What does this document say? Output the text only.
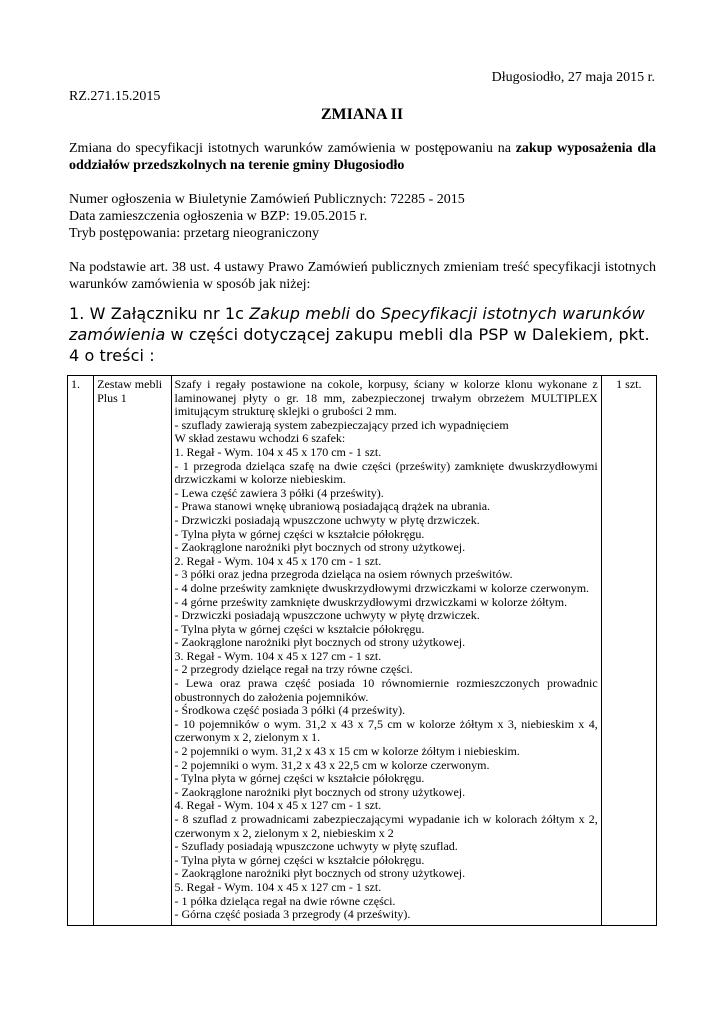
Długosiodło, 27 maja 2015 r.
RZ.271.15.2015
ZMIANA II
Zmiana do specyfikacji istotnych warunków zamówienia w postępowaniu na zakup wyposażenia dla oddziałów przedszkolnych na terenie gminy Długosiodło
Numer ogłoszenia w Biuletynie Zamówień Publicznych: 72285 - 2015
Data zamieszczenia ogłoszenia w BZP: 19.05.2015 r.
Tryb postępowania: przetarg nieograniczony
Na podstawie art. 38 ust. 4 ustawy Prawo Zamówień publicznych zmieniam treść specyfikacji istotnych warunków zamówienia w sposób jak niżej:
1. W Załączniku nr 1c Zakup mebli do Specyfikacji istotnych warunków zamówienia w części dotyczącej zakupu mebli dla PSP w Dalekiem, pkt. 4 o treści :
1.	Zestaw mebli Plus 1	
Szafy i regały postawione na cokole, korpusy, ściany w kolorze klonu wykonane z laminowanej płyty o gr. 18 mm, zabezpieczonej trwałym obrzeżem MULTIPLEX imitującym strukturę sklejki o grubości 2 mm.
- szuflady zawierają system zabezpieczający przed ich wypadnięciem
W skład zestawu wchodzi 6 szafek:
1. Regał - Wym. 104 x 45 x 170 cm - 1 szt.
- 1 przegroda dzieląca szafę na dwie części (prześwity) zamknięte dwuskrzydłowymi drzwiczkami w kolorze niebieskim.
- Lewa część zawiera 3 półki (4 prześwity).
- Prawa stanowi wnękę ubraniową posiadającą drążek na ubrania.
- Drzwiczki posiadają wpuszczone uchwyty w płytę drzwiczek.
- Tylna płyta w górnej części w kształcie półokręgu.
- Zaokrąglone narożniki płyt bocznych od strony użytkowej.
2. Regał - Wym. 104 x 45 x 170 cm - 1 szt.
- 3 półki oraz jedna przegroda dzieląca na osiem równych prześwitów.
- 4 dolne prześwity zamknięte dwuskrzydłowymi drzwiczkami w kolorze czerwonym.
- 4 górne prześwity zamknięte dwuskrzydłowymi drzwiczkami w kolorze żółtym.
- Drzwiczki posiadają wpuszczone uchwyty w płytę drzwiczek.
- Tylna płyta w górnej części w kształcie półokręgu.
- Zaokrąglone narożniki płyt bocznych od strony użytkowej.
3. Regał - Wym. 104 x 45 x 127 cm - 1 szt.
- 2 przegrody dzielące regał na trzy równe części.
- Lewa oraz prawa część posiada 10 równomiernie rozmieszczonych prowadnic obustronnych do założenia pojemników.
- Środkowa część posiada 3 półki (4 prześwity).
- 10 pojemników o wym. 31,2 x 43 x 7,5 cm w kolorze żółtym x 3, niebieskim x 4, czerwonym x 2, zielonym x 1.
- 2 pojemniki o wym. 31,2 x 43 x 15 cm w kolorze żółtym i niebieskim.
- 2 pojemniki o wym. 31,2 x 43 x 22,5 cm w kolorze czerwonym.
- Tylna płyta w górnej części w kształcie półokręgu.
- Zaokrąglone narożniki płyt bocznych od strony użytkowej.
4. Regał - Wym. 104 x 45 x 127 cm - 1 szt.
- 8 szuflad z prowadnicami zabezpieczającymi wypadanie ich w kolorach żółtym x 2, czerwonym x 2, zielonym x 2, niebieskim x 2
- Szuflady posiadają wpuszczone uchwyty w płytę szuflad.
- Tylna płyta w górnej części w kształcie półokręgu.
- Zaokrąglone narożniki płyt bocznych od strony użytkowej.
5. Regał - Wym. 104 x 45 x 127 cm - 1 szt.
- 1 półka dzieląca regał na dwie równe części.
- Górna część posiada 3 przegrody (4 prześwity).
	1 szt.
